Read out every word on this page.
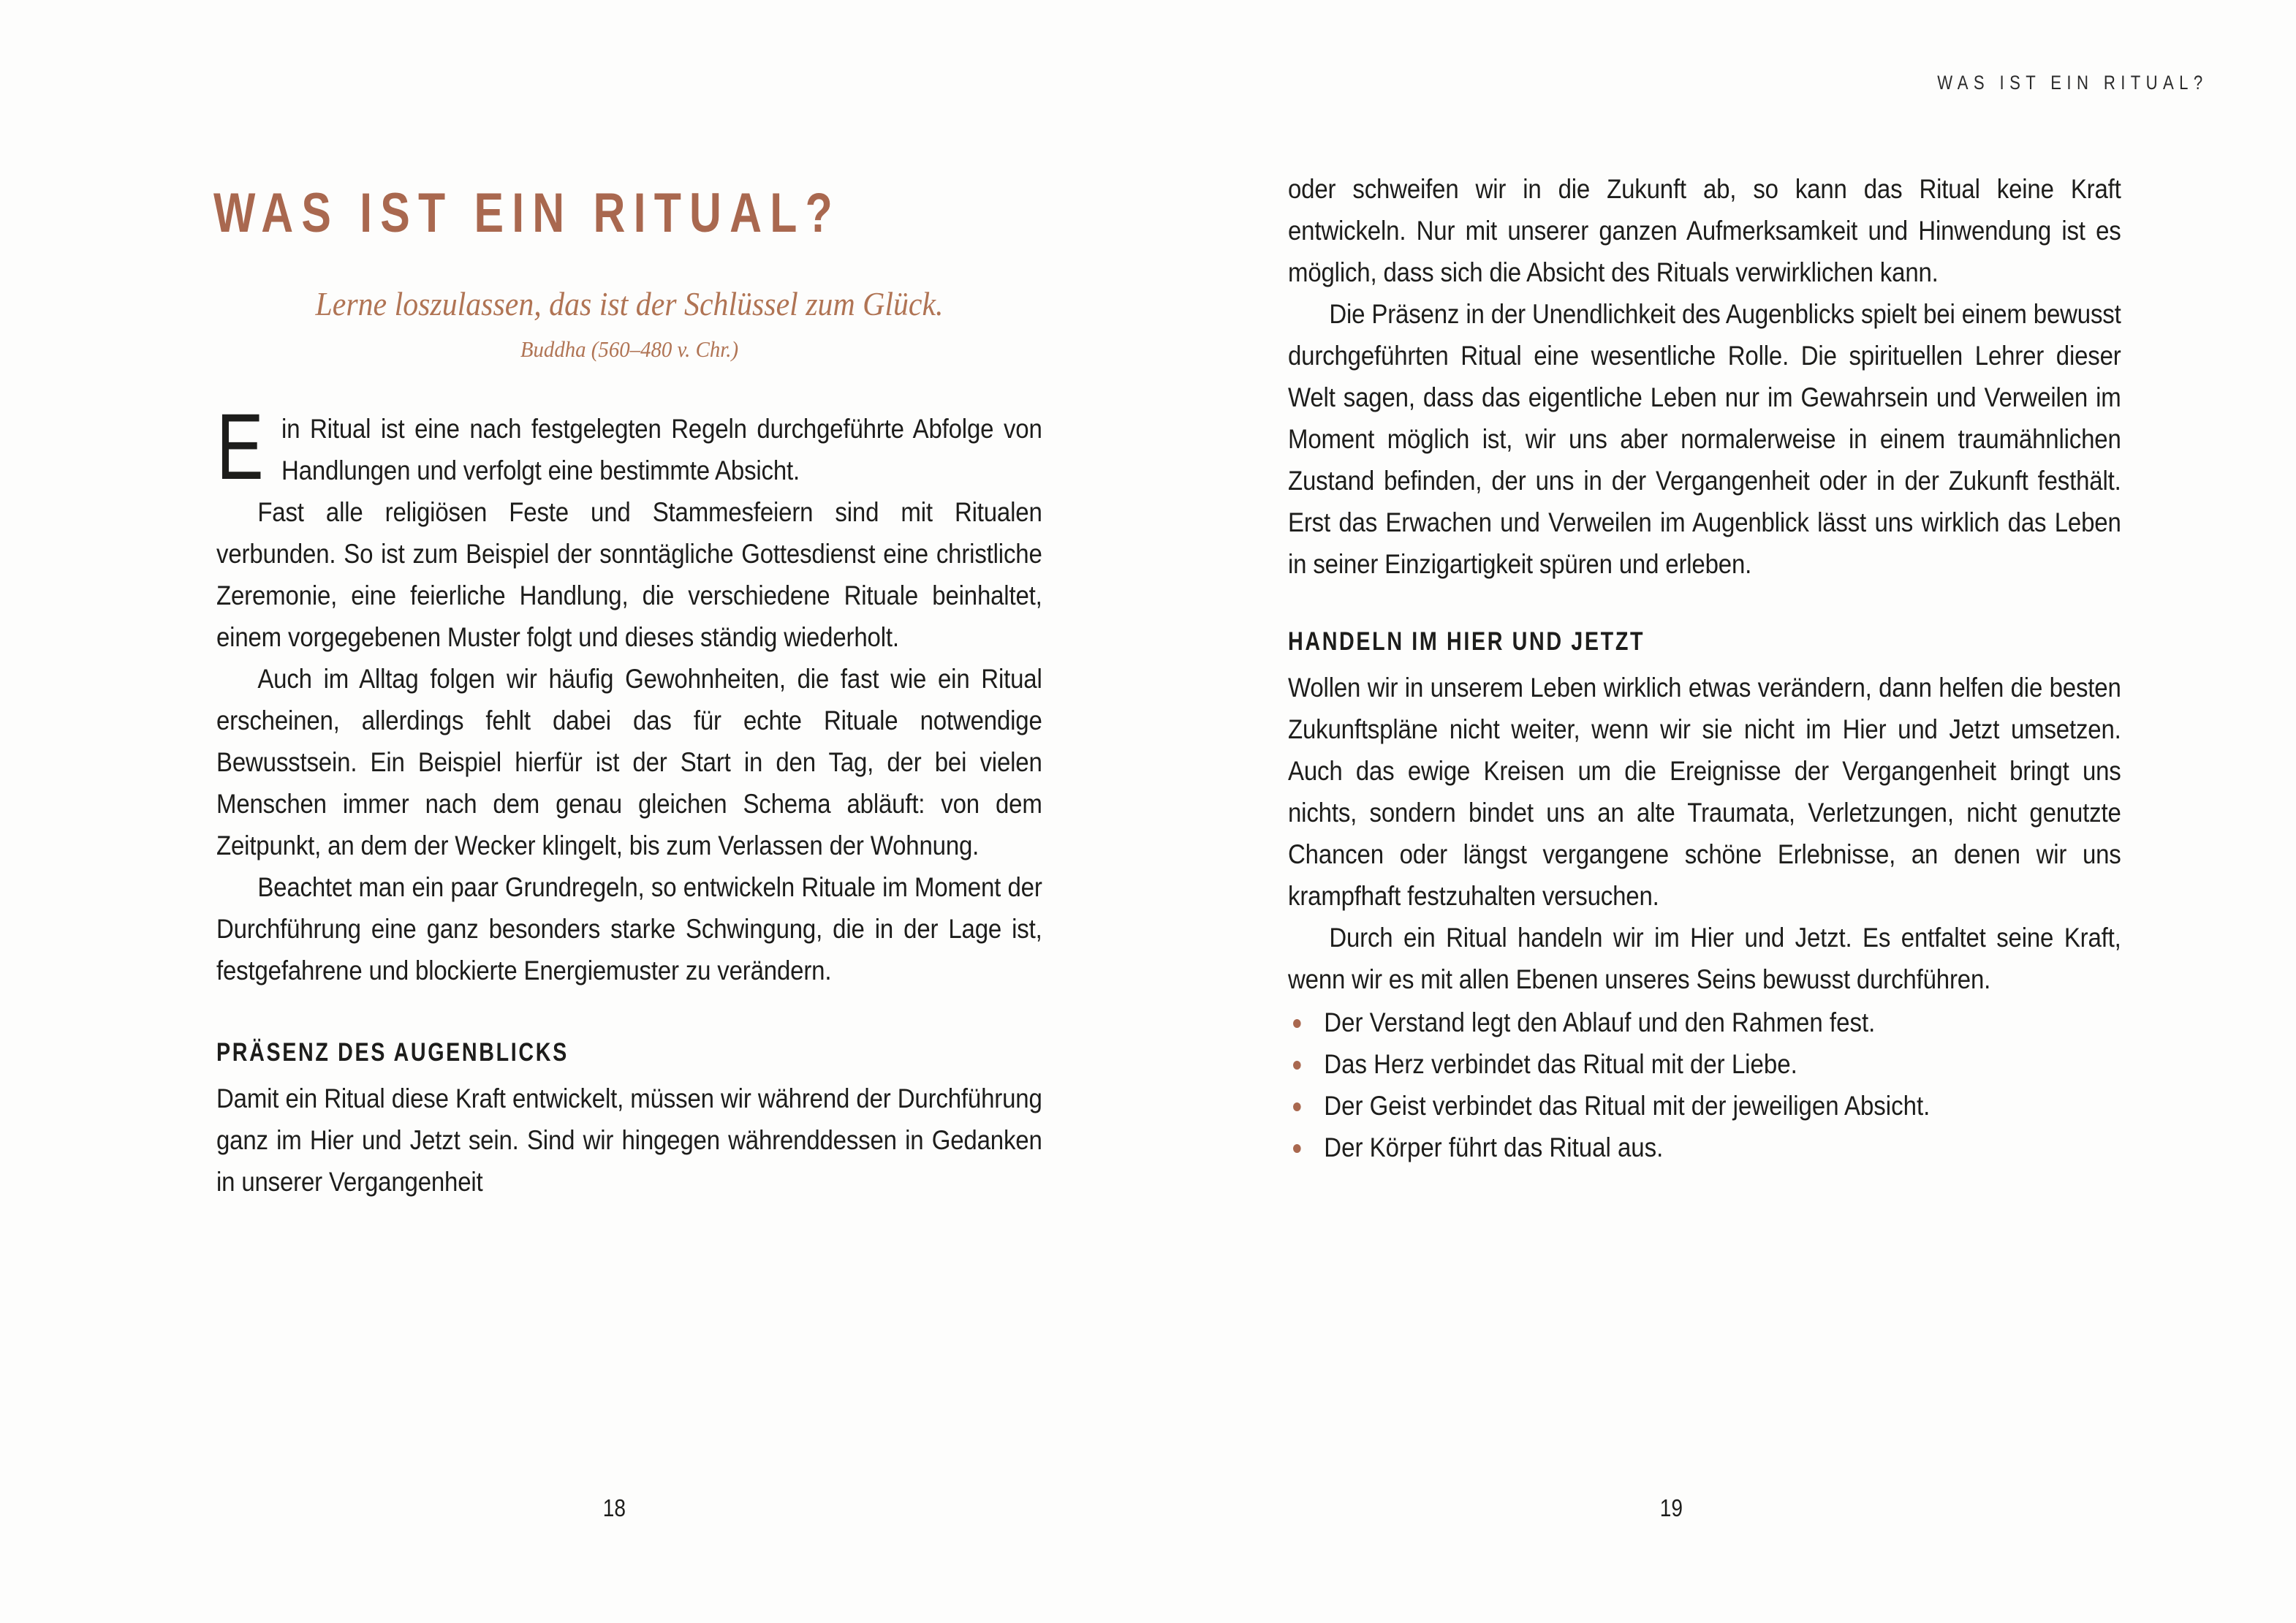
WAS IST EIN RITUAL?
WAS IST EIN RITUAL?
Lerne loszulassen, das ist der Schlüssel zum Glück.
Buddha (560–480 v. Chr.)

Ein Ritual ist eine nach festgelegten Regeln durchgeführte Abfolge von Handlungen und verfolgt eine bestimmte Absicht.

Fast alle religiösen Feste und Stammesfeiern sind mit Ritualen verbunden. So ist zum Beispiel der sonntägliche Gottesdienst eine christliche Zeremonie, eine feierliche Handlung, die verschiedene Rituale beinhaltet, einem vorgegebenen Muster folgt und dieses ständig wiederholt.

Auch im Alltag folgen wir häufig Gewohnheiten, die fast wie ein Ritual erscheinen, allerdings fehlt dabei das für echte Rituale notwendige Bewusstsein. Ein Beispiel hierfür ist der Start in den Tag, der bei vielen Menschen immer nach dem genau gleichen Schema abläuft: von dem Zeitpunkt, an dem der Wecker klingelt, bis zum Verlassen der Wohnung.

Beachtet man ein paar Grundregeln, so entwickeln Rituale im Moment der Durchführung eine ganz besonders starke Schwingung, die in der Lage ist, festgefahrene und blockierte Energiemuster zu verändern.

PRÄSENZ DES AUGENBLICKS

Damit ein Ritual diese Kraft entwickelt, müssen wir während der Durchführung ganz im Hier und Jetzt sein. Sind wir hingegen währenddessen in Gedanken in unserer Vergangenheit

oder schweifen wir in die Zukunft ab, so kann das Ritual keine Kraft entwickeln. Nur mit unserer ganzen Aufmerksamkeit und Hinwendung ist es möglich, dass sich die Absicht des Rituals verwirklichen kann.

Die Präsenz in der Unendlichkeit des Augenblicks spielt bei einem bewusst durchgeführten Ritual eine wesentliche Rolle. Die spirituellen Lehrer dieser Welt sagen, dass das eigentliche Leben nur im Gewahrsein und Verweilen im Moment möglich ist, wir uns aber normalerweise in einem traumähnlichen Zustand befinden, der uns in der Vergangenheit oder in der Zukunft festhält. Erst das Erwachen und Verweilen im Augenblick lässt uns wirklich das Leben in seiner Einzigartigkeit spüren und erleben.

HANDELN IM HIER UND JETZT

Wollen wir in unserem Leben wirklich etwas verändern, dann helfen die besten Zukunftspläne nicht weiter, wenn wir sie nicht im Hier und Jetzt umsetzen. Auch das ewige Kreisen um die Ereignisse der Vergangenheit bringt uns nichts, sondern bindet uns an alte Traumata, Verletzungen, nicht genutzte Chancen oder längst vergangene schöne Erlebnisse, an denen wir uns krampfhaft festzuhalten versuchen.

Durch ein Ritual handeln wir im Hier und Jetzt. Es entfaltet seine Kraft, wenn wir es mit allen Ebenen unseres Seins bewusst durchführen.

Der Verstand legt den Ablauf und den Rahmen fest.
Das Herz verbindet das Ritual mit der Liebe.
Der Geist verbindet das Ritual mit der jeweiligen Absicht.
Der Körper führt das Ritual aus.
18	19
